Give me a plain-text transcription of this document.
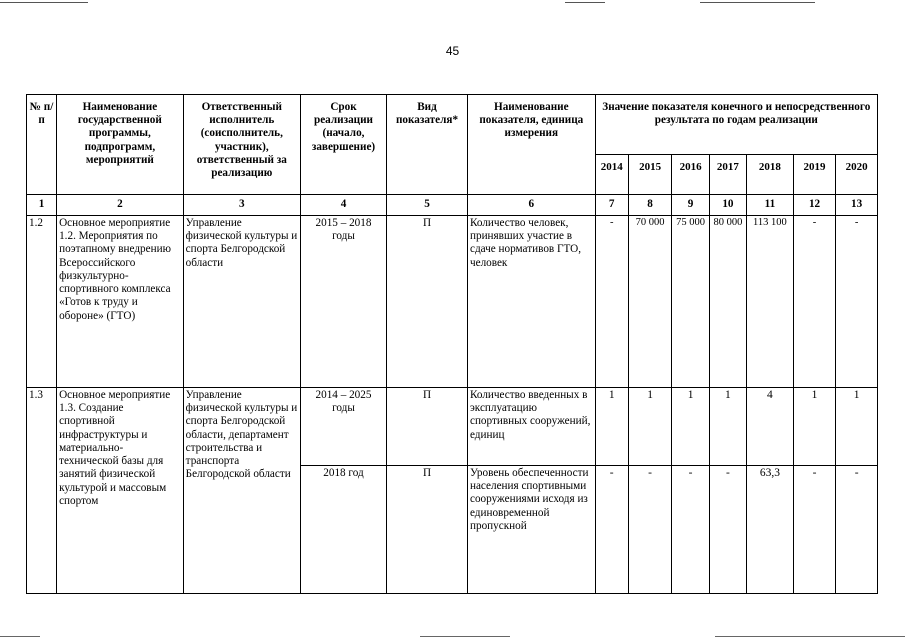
45
№ п/п	Наименование государственной программы, подпрограмм, мероприятий	Ответственный исполнитель (соисполнитель, участник), ответственный за реализацию	Срок реализации (начало, завершение)	Вид показателя*	Наименование показателя, единица измерения	Значение показателя конечного и непосредственного результата по годам реализации						
						2014	2015	2016	2017	2018	2019	2020
1	2	3	4	5	6	7	8	9	10	11	12	13
1.2	Основное мероприятие 1.2. Мероприятия по поэтапному внедрению Всероссийского физкультурно-спортивного комплекса «Готов к труду и обороне» (ГТО)	Управление физической культуры и спорта Белгородской области	2015 – 2018 годы	П	Количество человек, принявших участие в сдаче нормативов ГТО, человек	-	70 000	75 000	80 000	113 100	-	-
1.3	Основное мероприятие 1.3. Создание спортивной инфраструктуры и материально-технической базы для занятий физической культурой и массовым спортом	Управление физической культуры и спорта Белгородской области, департамент строительства и транспорта Белгородской области	2014 – 2025 годы	П	Количество введенных в эксплуатацию спортивных сооружений, единиц	1	1	1	1	4	1	1
			2018 год	П	Уровень обеспеченности населения спортивными сооружениями исходя из единовременной пропускной	-	-	-	-	63,3	-	-
